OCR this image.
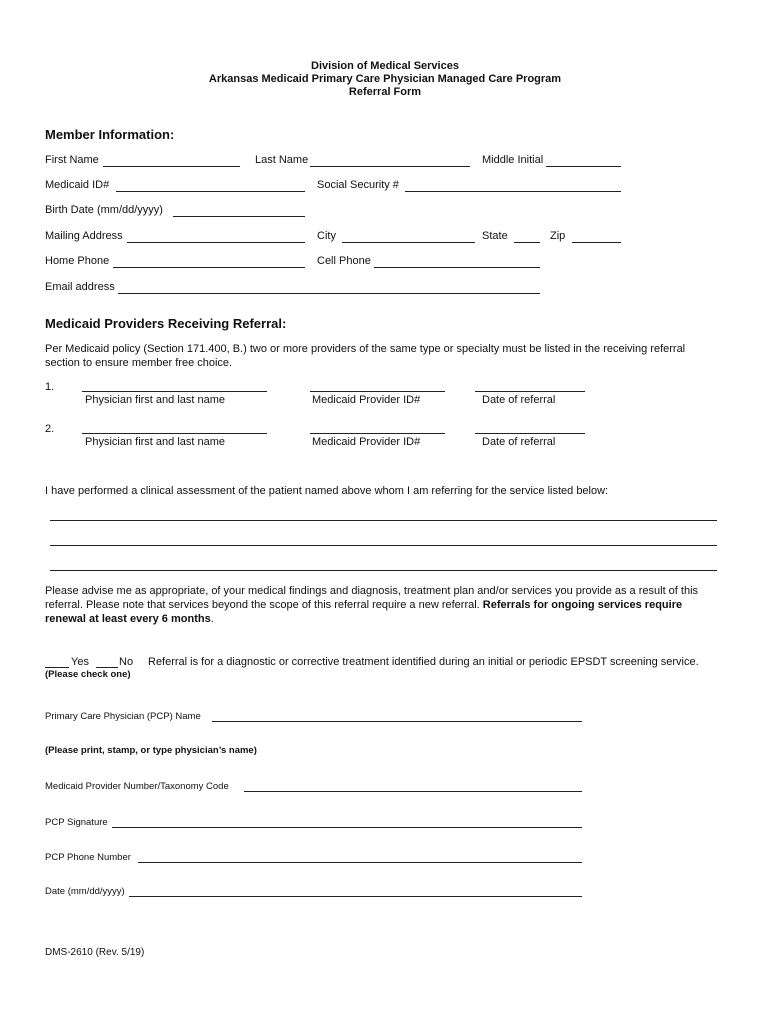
Division of Medical Services
Arkansas Medicaid Primary Care Physician Managed Care Program
Referral Form
Member Information:
First Name	Last Name	Middle Initial
Medicaid ID#	Social Security #
Birth Date (mm/dd/yyyy)
Mailing Address	City	State	Zip
Home Phone	Cell Phone
Email address
Medicaid Providers Receiving Referral:
Per Medicaid policy (Section 171.400, B.) two or more providers of the same type or specialty must be listed in the receiving referral section to ensure member free choice.
1.
Physician first and last name	Medicaid Provider ID#	Date of referral
2.
Physician first and last name	Medicaid Provider ID#	Date of referral
I have performed a clinical assessment of the patient named above whom I am referring for the service listed below:
Please advise me as appropriate, of your medical findings and diagnosis, treatment plan and/or services you provide as a result of this referral. Please note that services beyond the scope of this referral require a new referral. Referrals for ongoing services require renewal at least every 6 months.
Yes	No Referral is for a diagnostic or corrective treatment identified during an initial or periodic EPSDT screening service.
(Please check one)
Primary Care Physician (PCP) Name
(Please print, stamp, or type physician’s name)
Medicaid Provider Number/Taxonomy Code
PCP Signature
PCP Phone Number
Date (mm/dd/yyyy)
DMS-2610 (Rev. 5/19)
